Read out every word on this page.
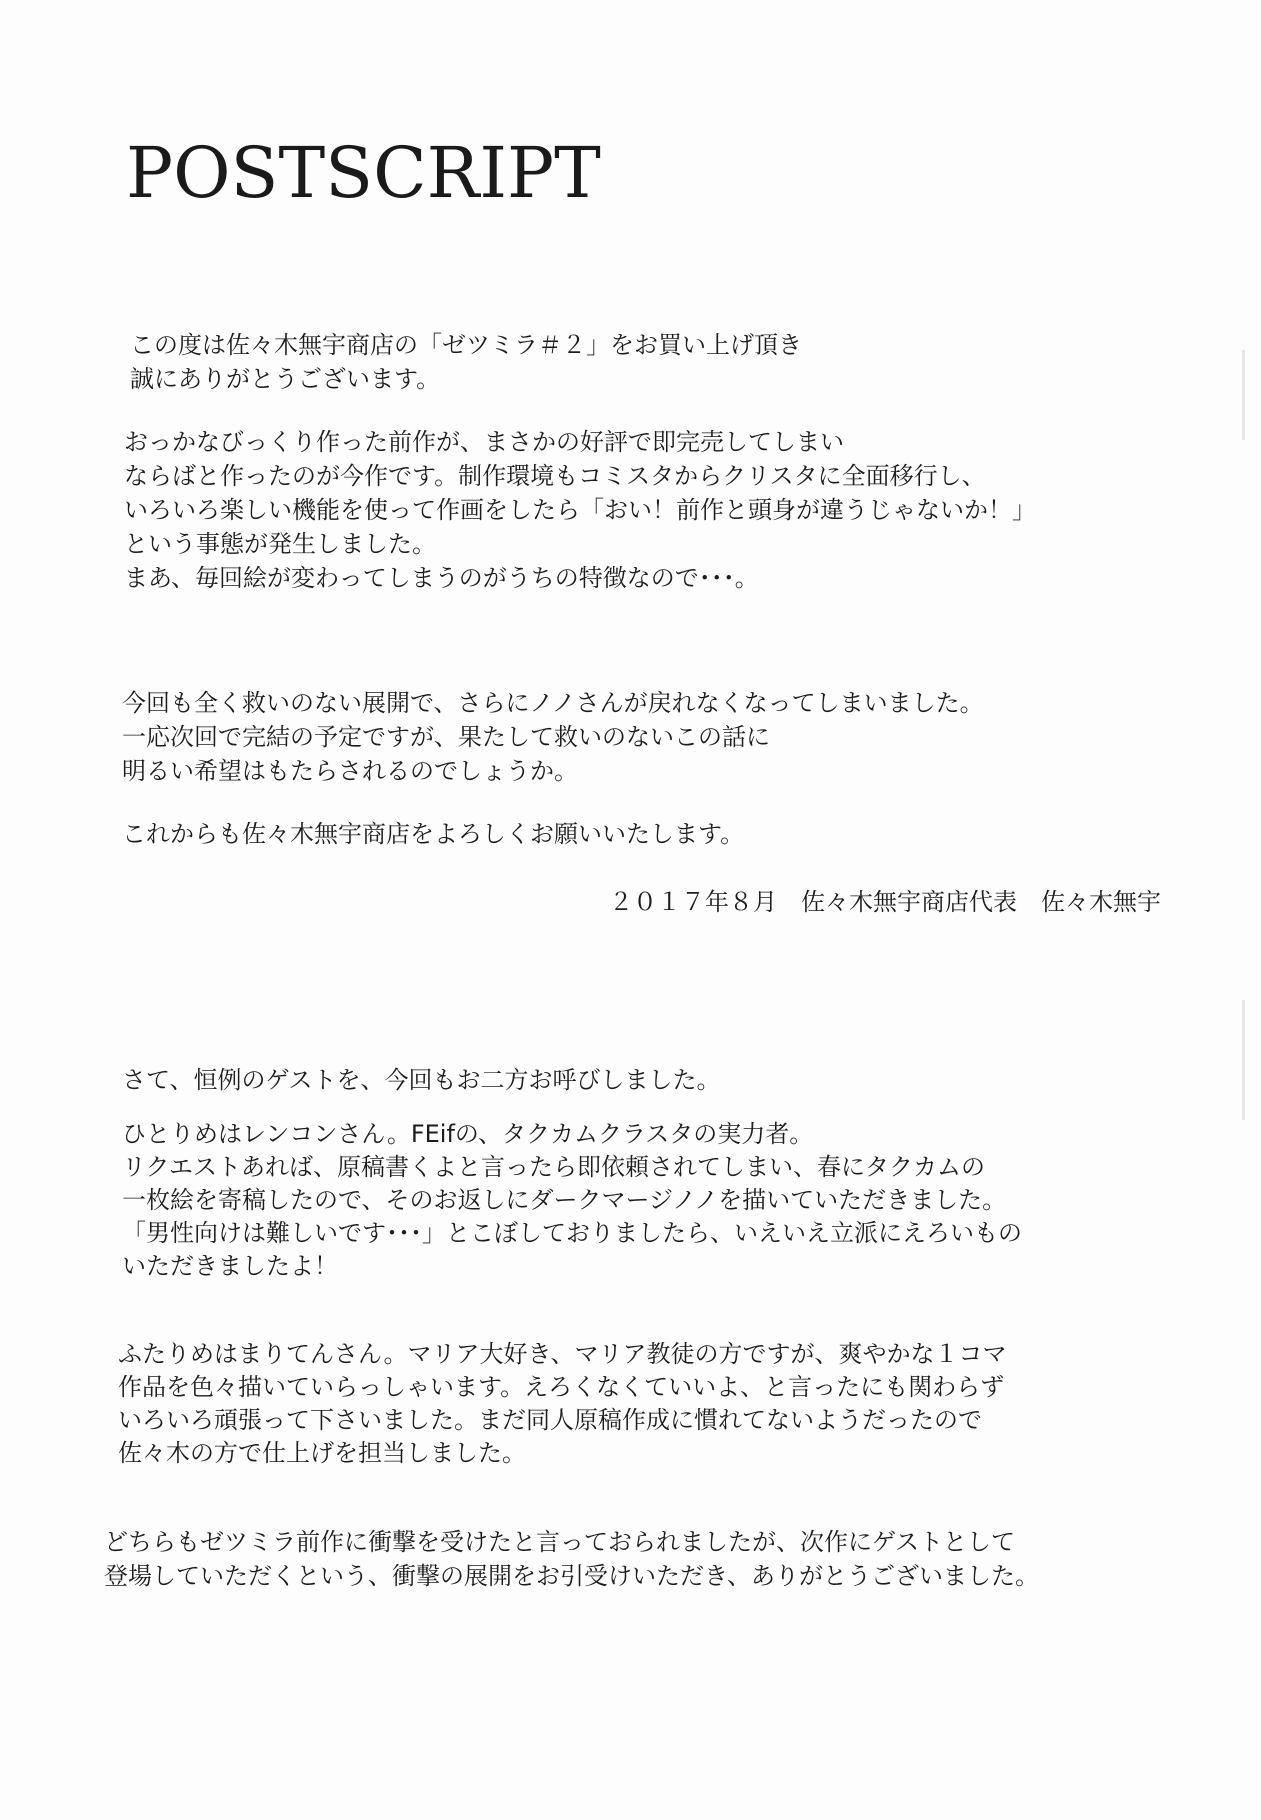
POSTSCRIPT

この度は佐々木無宇商店の「ゼツミラ＃２」をお買い上げ頂き
誠にありがとうございます。

おっかなびっくり作った前作が、まさかの好評で即完売してしまい
ならばと作ったのが今作です。制作環境もコミスタからクリスタに全面移行し、
いろいろ楽しい機能を使って作画をしたら「おい！前作と頭身が違うじゃないか！」
という事態が発生しました。
まあ、毎回絵が変わってしまうのがうちの特徴なので･･･。

今回も全く救いのない展開で、さらにノノさんが戻れなくなってしまいました。
一応次回で完結の予定ですが、果たして救いのないこの話に
明るい希望はもたらされるのでしょうか。

これからも佐々木無宇商店をよろしくお願いいたします。

２０１７年８月　佐々木無宇商店代表　佐々木無宇

さて、恒例のゲストを、今回もお二方お呼びしました。

ひとりめはレンコンさん。FEifの、タクカムクラスタの実力者。
リクエストあれば、原稿書くよと言ったら即依頼されてしまい、春にタクカムの
一枚絵を寄稿したので、そのお返しにダークマージノノを描いていただきました。
「男性向けは難しいです･･･」とこぼしておりましたら、いえいえ立派にえろいもの
いただきましたよ！

ふたりめはまりてんさん。マリア大好き、マリア教徒の方ですが、爽やかな１コマ
作品を色々描いていらっしゃいます。えろくなくていいよ、と言ったにも関わらず
いろいろ頑張って下さいました。まだ同人原稿作成に慣れてないようだったので
佐々木の方で仕上げを担当しました。

どちらもゼツミラ前作に衝撃を受けたと言っておられましたが、次作にゲストとして
登場していただくという、衝撃の展開をお引受けいただき、ありがとうございました。
